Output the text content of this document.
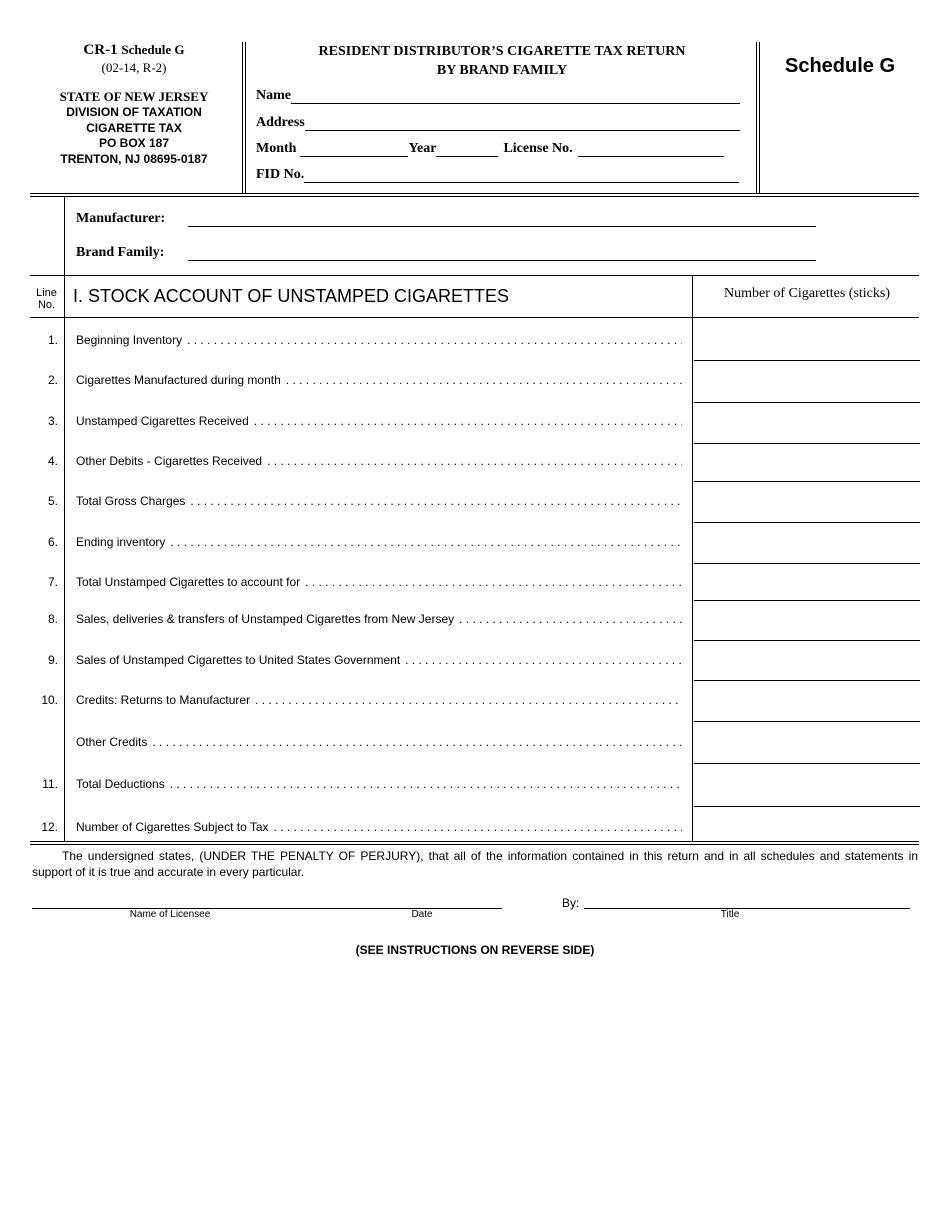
CR-1 Schedule G
(02-14, R-2)
STATE OF NEW JERSEY
DIVISION OF TAXATION
CIGARETTE TAX
PO BOX 187
TRENTON, NJ 08695-0187
RESIDENT DISTRIBUTOR’S CIGARETTE TAX RETURN
BY BRAND FAMILY
Name
Address
Month	Year	License No.
FID No.
Schedule G
Manufacturer:
Brand Family:
Line
No. I. STOCK ACCOUNT OF UNSTAMPED CIGARETTES	Number of Cigarettes (sticks)
1. Beginning Inventory
. . .
2. Cigarettes Manufactured during month
. . .
3. Unstamped Cigarettes Received
. . .
4. Other Debits - Cigarettes Received
. . .
5. Total Gross Charges
. . .
6. Ending inventory
. . .
7. Total Unstamped Cigarettes to account for
. . .
8. Sales, deliveries & transfers of Unstamped Cigarettes from New Jersey
. . .
9. Sales of Unstamped Cigarettes to United States Government
. . .
10. Credits: Returns to Manufacturer
. . .
Other Credits
. . .
11. Total Deductions
. . .
12. Number of Cigarettes Subject to Tax
. . .
The undersigned states, (UNDER THE PENALTY OF PERJURY), that all of the information contained in this return and in all schedules and statements in support of it is true and accurate in every particular.
Name of Licensee	Date
By:
Title
(SEE INSTRUCTIONS ON REVERSE SIDE)
